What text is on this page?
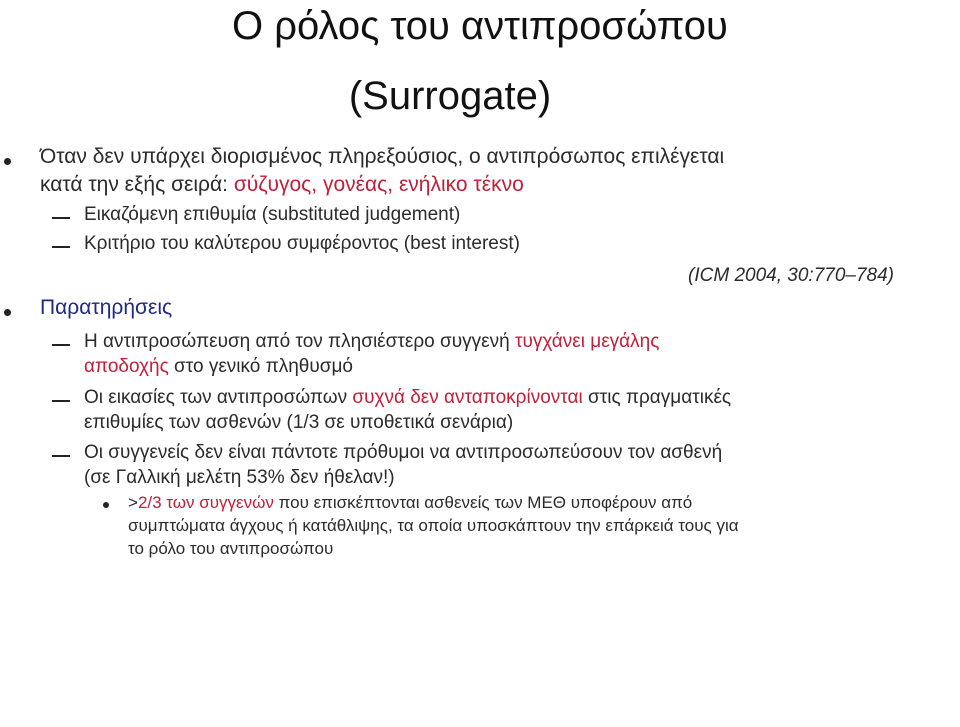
Ο ρόλος του αντιπροσώπου
(Surrogate)
Όταν δεν υπάρχει διορισμένος πληρεξούσιος, ο αντιπρόσωπος επιλέγεται
κατά την εξής σειρά: σύζυγος, γονέας, ενήλικο τέκνο
Εικαζόμενη επιθυμία (substituted judgement)
Κριτήριο του καλύτερου συμφέροντος (best interest)
(ICM 2004, 30:770–784)
Παρατηρήσεις
Η αντιπροσώπευση από τον πλησιέστερο συγγενή τυγχάνει μεγάλης
αποδοχής στο γενικό πληθυσμό
Οι εικασίες των αντιπροσώπων συχνά δεν ανταποκρίνονται στις πραγματικές
επιθυμίες των ασθενών (1/3 σε υποθετικά σενάρια)
Οι συγγενείς δεν είναι πάντοτε πρόθυμοι να αντιπροσωπεύσουν τον ασθενή
(σε Γαλλική μελέτη 53% δεν ήθελαν!)
>2/3 των συγγενών που επισκέπτονται ασθενείς των ΜΕΘ υποφέρουν από
συμπτώματα άγχους ή κατάθλιψης, τα οποία υποσκάπτουν την επάρκειά τους για
το ρόλο του αντιπροσώπου
